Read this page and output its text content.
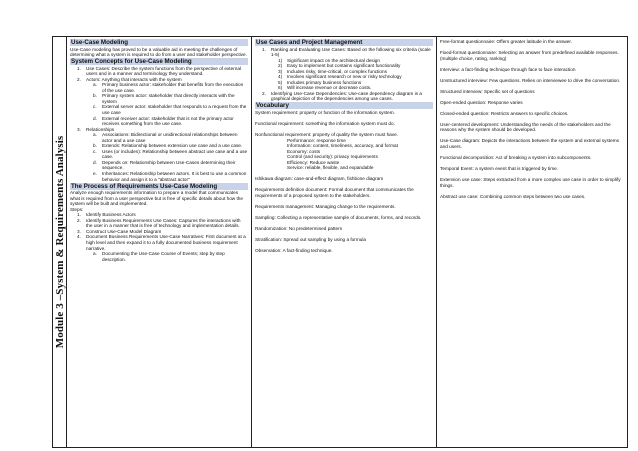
Module 3 –System & Requirements Analysis
Use-Case Modeling

Use-Case modeling has proved to be a valuable aid in meeting the challenges of determining what a system is required to do from a user and stakeholder perspective.

System Concepts for Use-Case Modeling
1. Use Cases: Describe the system functions from the perspective of external users and in a manner and terminology they understand.
2. Actors: Anything that interacts with the system
a. Primary business actor: stakeholder that benefits from the execution of the use case.
b. Primary system actor: stakeholder that directly interacts with the system
c. External server actor: stakeholder that responds to a request from the use case
d. External receiver actor: stakeholder that is not the primary actor receives something from the use case.
3. Relationships
a. Associations: Bidirectional or unidirectional relationships between actor and a use case
b. Extends: Relationship between extension use case and a use case.
c. Uses (or includes): Relationship between abstract use case and a use case.
d. Depends on: Relationship between Use-Cases determining their sequence.
e. Inheritances: Relationship between actors. It is best to use a common behavior and assign it to a "abstract actor"
The Process of Requirements Use-Case Modeling

Analyze enough requirements information to prepare a model that communicates what is required from a user perspective but is free of specific details about how the system will be built and implemented.

Steps:

1. Identify Business Actors
2. Identify Business Requirements Use Cases: Captures the interactions with the user in a manner that is free of technology and implementation details.
3. Construct Use-Case Model Diagram
4. Document Business Requirements Use-Case Narratives: First document at a high level and then expand it to a fully documented business requirement narrative.
a. Documenting the Use-Case Course of Events; step by step description.
Use Cases and Project Management
1. Ranking and Evaluating Use Cases: Based on the following six criteria (scale 1-5)
1) Significant impact on the architectural design
2) Easy to implement but contains significant functionality
3) Includes risky, time-critical, or complex functions
4) Involves significant research or new or risky technology
5) Includes primary business functions
6) Will increase revenue or decrease costs.
2. Identifying Use-Case Dependencies: Use-case dependency diagram is a graphical depiction of the dependencies among use cases.
Vocabulary

System requirement: property or function of the information system.

Functional requirement: something the information system must do.

Nonfunctional requirement: property of quality the system must have.

Performance: response time

Information: content, timeliness, accuracy, and format

Economy: costs

Control (and security): privacy requirements

Efficiency: Reduce waste

Service: reliable, flexible, and expandable

Ishikawa diagram: case-and-effect diagram, fishbone diagram

Requirements definition document: Formal document that communicates the requirements of a proposed system to the stakeholders.

Requirements management: Managing change to the requirements.

Sampling: Collecting a representative sample of documents, forms, and records.

Randomization: No predetermined pattern

Stratification: Spread out sampling by using a formula

Observation: A fact-finding technique.

Free-format questionnaire: Offers greater latitude in the answer.

Fixed-format questionnaire: Selecting an answer from predefined available responses. (multiple choice, rating, ranking)

Interview: a fact-finding technique through face to face interaction

Unstructured interview: Few questions. Relies on interviewee to drive the conversation.

Structured interview: Specific set of questions

Open-ended question: Response varies

Closed-ended question: Restricts answers to specific choices.

User-centered development: Understanding the needs of the stakeholders and the reasons why the system should be developed.

Use-Case diagram: Depicts the interactions between the system and external systems and users.

Functional decomposition: Act of breaking a system into subcomponents.

Temporal Event: a system event that is triggered by time.

Extension use case: Steps extracted from a more complex use case in order to simplify things.

Abstract use case: Combining common steps between two use cases.
